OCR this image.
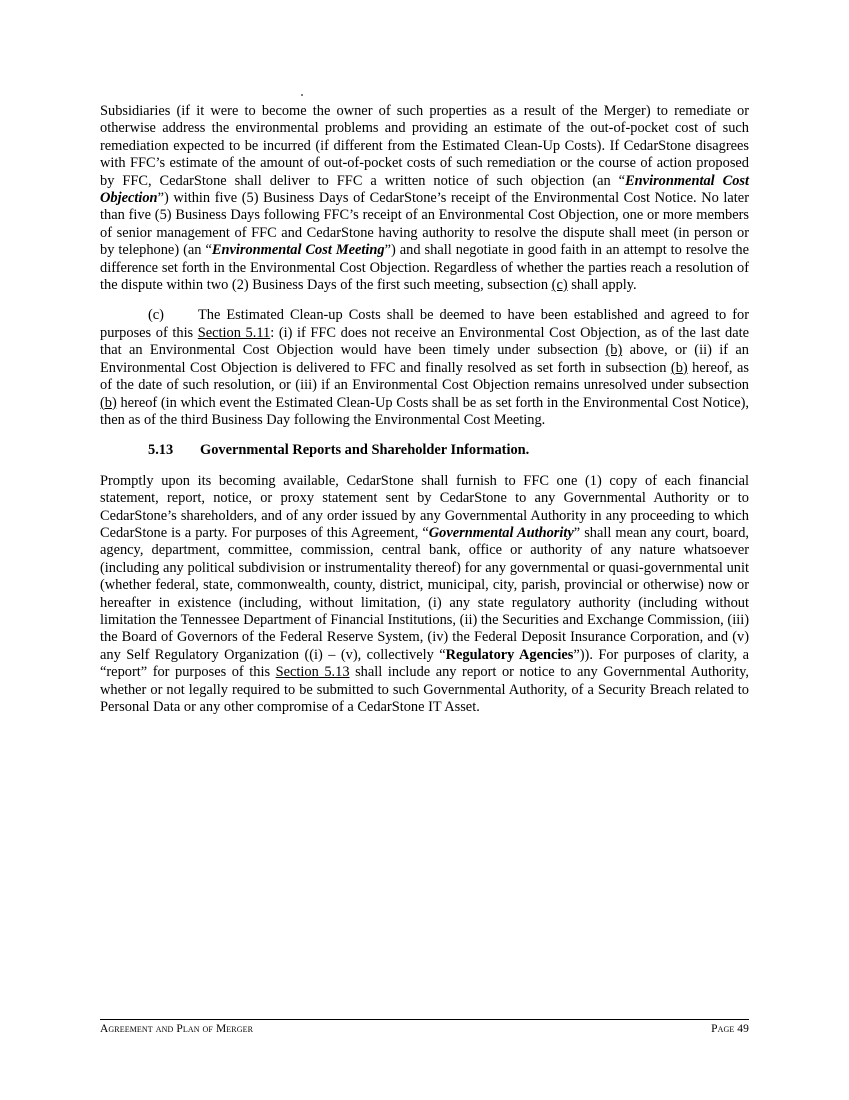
Subsidiaries (if it were to become the owner of such properties as a result of the Merger) to remediate or otherwise address the environmental problems and providing an estimate of the out-of-pocket cost of such remediation expected to be incurred (if different from the Estimated Clean-Up Costs). If CedarStone disagrees with FFC’s estimate of the amount of out-of-pocket costs of such remediation or the course of action proposed by FFC, CedarStone shall deliver to FFC a written notice of such objection (an “Environmental Cost Objection”) within five (5) Business Days of CedarStone’s receipt of the Environmental Cost Notice. No later than five (5) Business Days following FFC’s receipt of an Environmental Cost Objection, one or more members of senior management of FFC and CedarStone having authority to resolve the dispute shall meet (in person or by telephone) (an “Environmental Cost Meeting”) and shall negotiate in good faith in an attempt to resolve the difference set forth in the Environmental Cost Objection. Regardless of whether the parties reach a resolution of the dispute within two (2) Business Days of the first such meeting, subsection (c) shall apply.

(c) The Estimated Clean-up Costs shall be deemed to have been established and agreed to for purposes of this Section 5.11: (i) if FFC does not receive an Environmental Cost Objection, as of the last date that an Environmental Cost Objection would have been timely under subsection (b) above, or (ii) if an Environmental Cost Objection is delivered to FFC and finally resolved as set forth in subsection (b) hereof, as of the date of such resolution, or (iii) if an Environmental Cost Objection remains unresolved under subsection (b) hereof (in which event the Estimated Clean-Up Costs shall be as set forth in the Environmental Cost Notice), then as of the third Business Day following the Environmental Cost Meeting.

5.13 Governmental Reports and Shareholder Information.

Promptly upon its becoming available, CedarStone shall furnish to FFC one (1) copy of each financial statement, report, notice, or proxy statement sent by CedarStone to any Governmental Authority or to CedarStone’s shareholders, and of any order issued by any Governmental Authority in any proceeding to which CedarStone is a party. For purposes of this Agreement, “Governmental Authority” shall mean any court, board, agency, department, committee, commission, central bank, office or authority of any nature whatsoever (including any political subdivision or instrumentality thereof) for any governmental or quasi-governmental unit (whether federal, state, commonwealth, county, district, municipal, city, parish, provincial or otherwise) now or hereafter in existence (including, without limitation, (i) any state regulatory authority (including without limitation the Tennessee Department of Financial Institutions, (ii) the Securities and Exchange Commission, (iii) the Board of Governors of the Federal Reserve System, (iv) the Federal Deposit Insurance Corporation, and (v) any Self Regulatory Organization ((i) – (v), collectively “Regulatory Agencies”)). For purposes of clarity, a “report” for purposes of this Section 5.13 shall include any report or notice to any Governmental Authority, whether or not legally required to be submitted to such Governmental Authority, of a Security Breach related to Personal Data or any other compromise of a CedarStone IT Asset.

Agreement and Plan of Merger	Page 49
